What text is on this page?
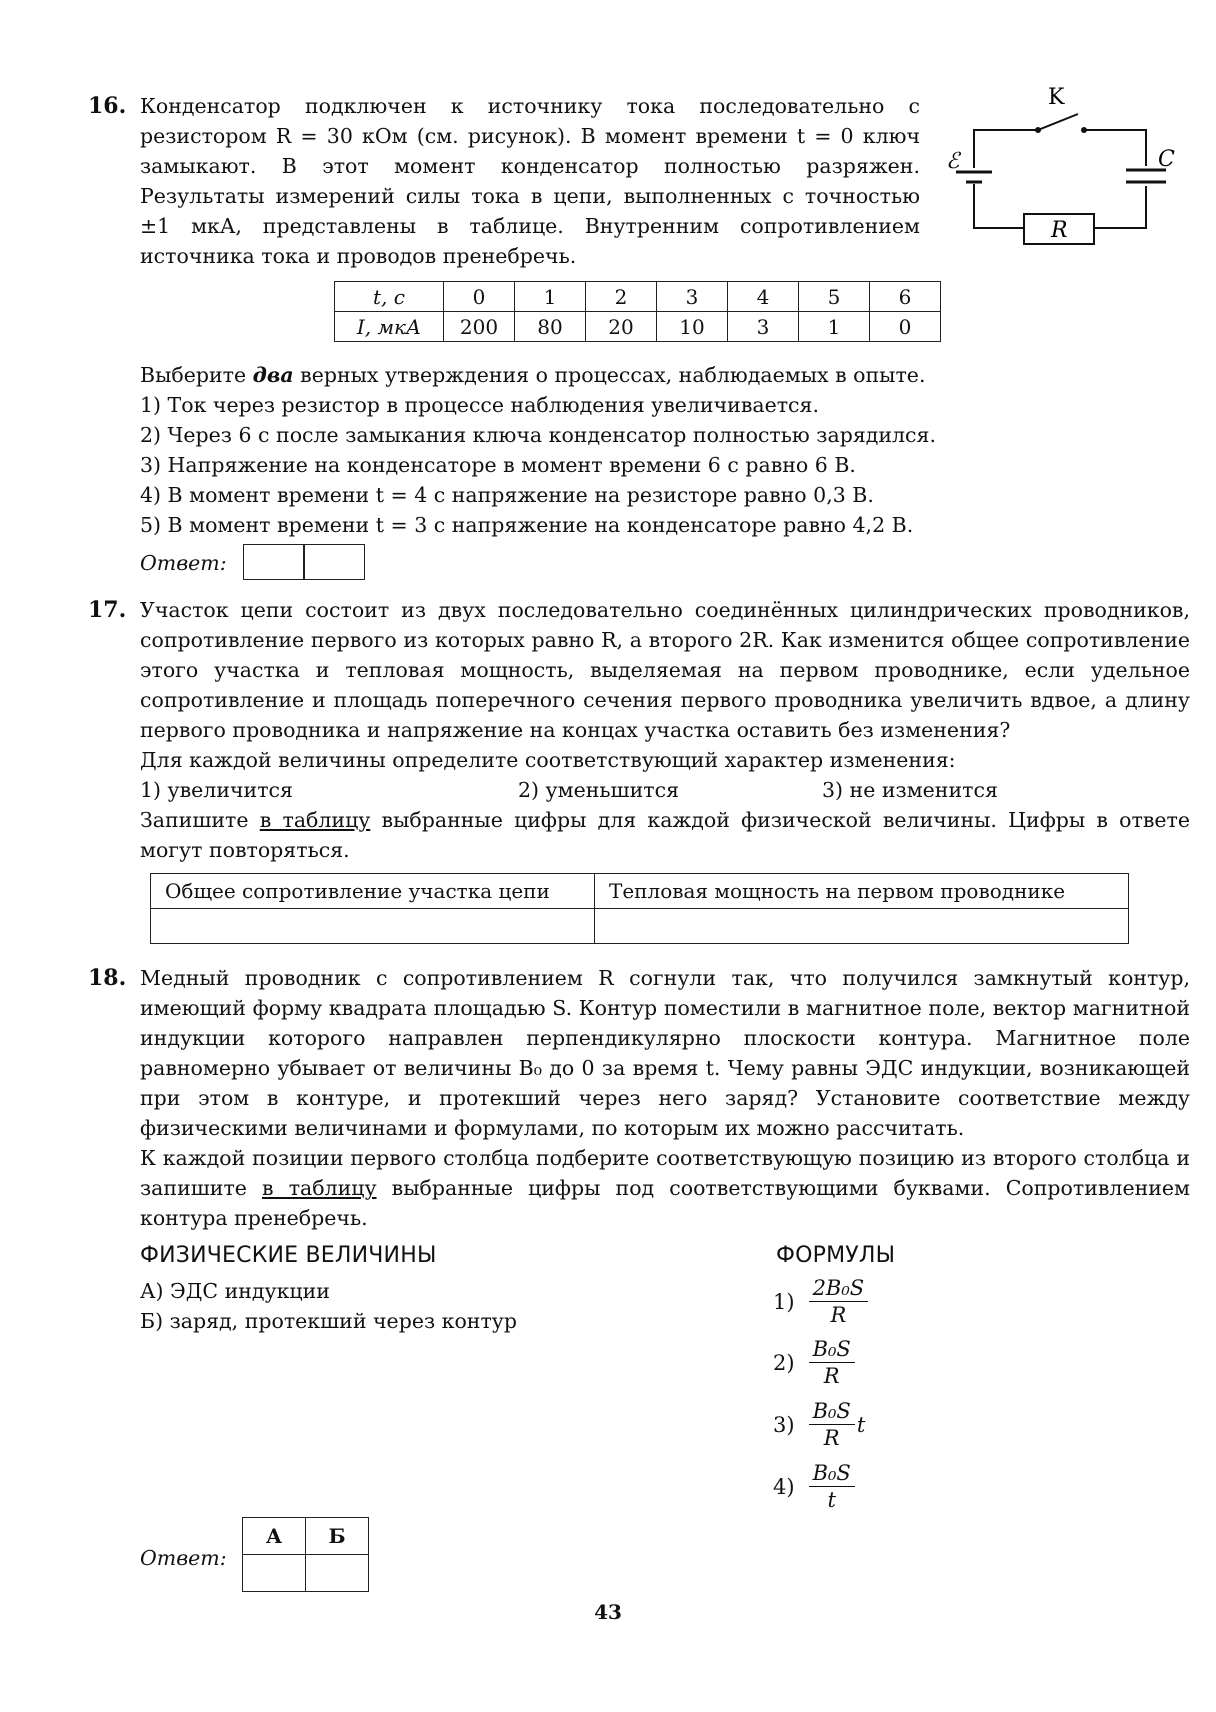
16. Конденсатор подключен к источнику тока последовательно с резистором R = 30 кОм (см. рисунок). В момент времени t = 0 ключ замыкают. В этот момент конденсатор полностью разряжен. Результаты измерений силы тока в цепи, выполненных с точностью ±1 мкА, представлены в таблице. Внутренним сопротивлением источника тока и проводов пренебречь.

K
ℰ	C
R
t, с	0	1	2	3	4	5	6
I, мкА	200	80	20	10	3	1	0
Выберите два верных утверждения о процессах, наблюдаемых в опыте.
1) Ток через резистор в процессе наблюдения увеличивается.
2) Через 6 с после замыкания ключа конденсатор полностью зарядился.
3) Напряжение на конденсаторе в момент времени 6 с равно 6 В.
4) В момент времени t = 4 с напряжение на резисторе равно 0,3 В.
5) В момент времени t = 3 с напряжение на конденсаторе равно 4,2 В.
Ответ:
17. Участок цепи состоит из двух последовательно соединённых цилиндрических проводников, сопротивление первого из которых равно R, а второго 2R. Как изменится общее сопротивление этого участка и тепловая мощность, выделяемая на первом проводнике, если удельное сопротивление и площадь поперечного сечения первого проводника увеличить вдвое, а длину первого проводника и напряжение на концах участка оставить без изменения?

Для каждой величины определите соответствующий характер изменения:
1) увеличится	2) уменьшится	3) не изменится

Запишите в таблицу выбранные цифры для каждой физической величины. Цифры в ответе могут повторяться.

Общее сопротивление участка цепи	Тепловая мощность на первом проводнике

18. Медный проводник с сопротивлением R согнули так, что получился замкнутый контур, имеющий форму квадрата площадью S. Контур поместили в магнитное поле, вектор магнитной индукции которого направлен перпендикулярно плоскости контура. Магнитное поле равномерно убывает от величины B₀ до 0 за время t. Чему равны ЭДС индукции, возникающей при этом в контуре, и протекший через него заряд? Установите соответствие между физическими величинами и формулами, по которым их можно рассчитать.

К каждой позиции первого столбца подберите соответствующую позицию из второго столбца и запишите в таблицу выбранные цифры под соответствующими буквами. Сопротивлением контура пренебречь.

ФИЗИЧЕСКИЕ ВЕЛИЧИНЫ	ФОРМУЛЫ
А) ЭДС индукции
Б) заряд, протекший через контур
$1) \frac{\text{2B₀S}}{R}$
$2) \frac{\text{B₀S}}{R}$
$3) \frac{\text{B₀S}}{R}$ t
$4) \frac{\text{B₀S}}{t}$
Ответ:
А	Б

43
